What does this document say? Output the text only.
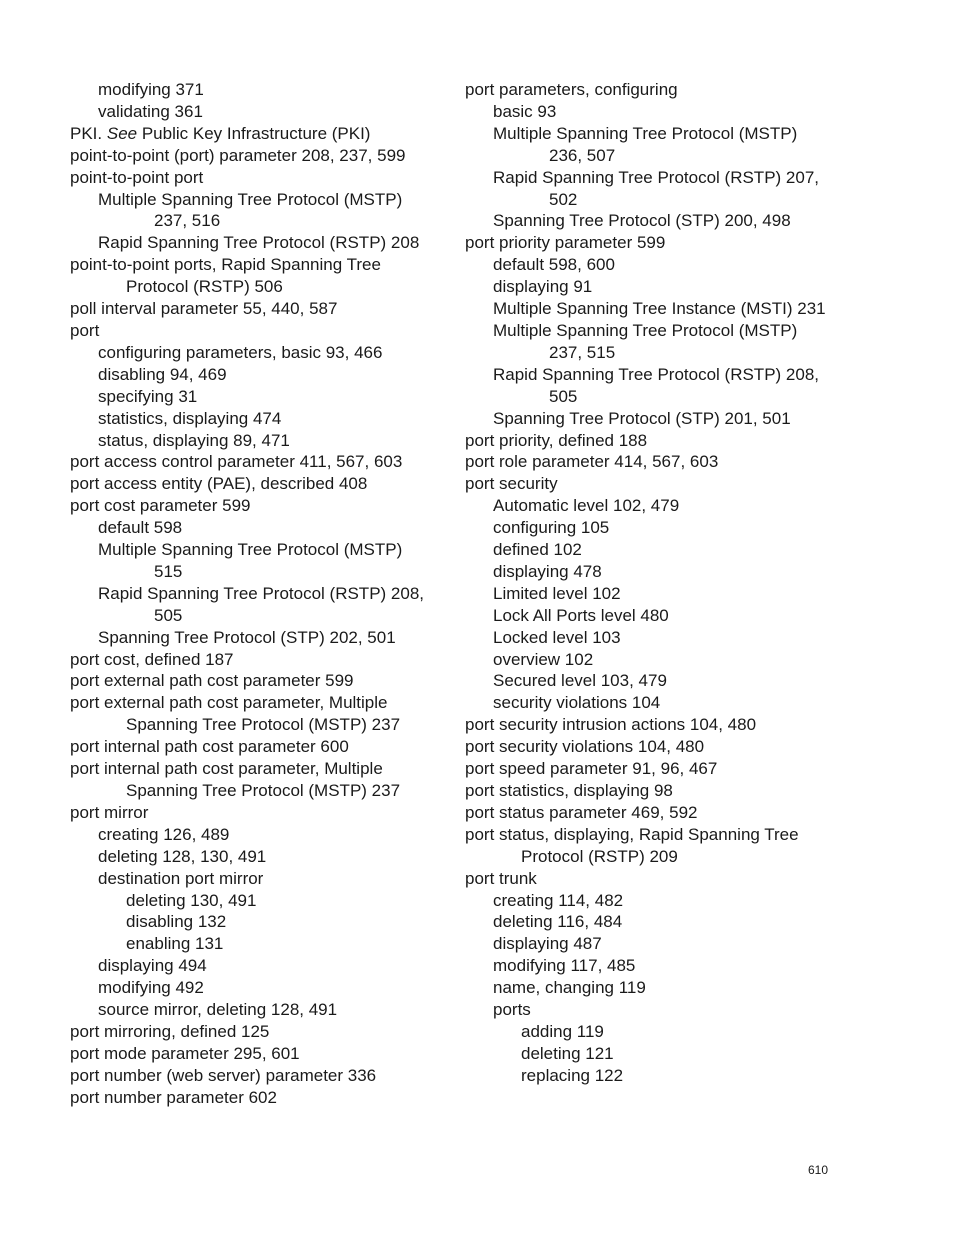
modifying 371
validating 361
PKI. See Public Key Infrastructure (PKI)
point-to-point (port) parameter 208, 237, 599
point-to-point port
Multiple Spanning Tree Protocol (MSTP)
237, 516
Rapid Spanning Tree Protocol (RSTP) 208
point-to-point ports, Rapid Spanning Tree
Protocol (RSTP) 506
poll interval parameter 55, 440, 587
port
configuring parameters, basic 93, 466
disabling 94, 469
specifying 31
statistics, displaying 474
status, displaying 89, 471
port access control parameter 411, 567, 603
port access entity (PAE), described 408
port cost parameter 599
default 598
Multiple Spanning Tree Protocol (MSTP)
515
Rapid Spanning Tree Protocol (RSTP) 208,
505
Spanning Tree Protocol (STP) 202, 501
port cost, defined 187
port external path cost parameter 599
port external path cost parameter, Multiple
Spanning Tree Protocol (MSTP) 237
port internal path cost parameter 600
port internal path cost parameter, Multiple
Spanning Tree Protocol (MSTP) 237
port mirror
creating 126, 489
deleting 128, 130, 491
destination port mirror
deleting 130, 491
disabling 132
enabling 131
displaying 494
modifying 492
source mirror, deleting 128, 491
port mirroring, defined 125
port mode parameter 295, 601
port number (web server) parameter 336
port number parameter 602
port parameters, configuring
basic 93
Multiple Spanning Tree Protocol (MSTP)
236, 507
Rapid Spanning Tree Protocol (RSTP) 207,
502
Spanning Tree Protocol (STP) 200, 498
port priority parameter 599
default 598, 600
displaying 91
Multiple Spanning Tree Instance (MSTI) 231
Multiple Spanning Tree Protocol (MSTP)
237, 515
Rapid Spanning Tree Protocol (RSTP) 208,
505
Spanning Tree Protocol (STP) 201, 501
port priority, defined 188
port role parameter 414, 567, 603
port security
Automatic level 102, 479
configuring 105
defined 102
displaying 478
Limited level 102
Lock All Ports level 480
Locked level 103
overview 102
Secured level 103, 479
security violations 104
port security intrusion actions 104, 480
port security violations 104, 480
port speed parameter 91, 96, 467
port statistics, displaying 98
port status parameter 469, 592
port status, displaying, Rapid Spanning Tree
Protocol (RSTP) 209
port trunk
creating 114, 482
deleting 116, 484
displaying 487
modifying 117, 485
name, changing 119
ports
adding 119
deleting 121
replacing 122
610
